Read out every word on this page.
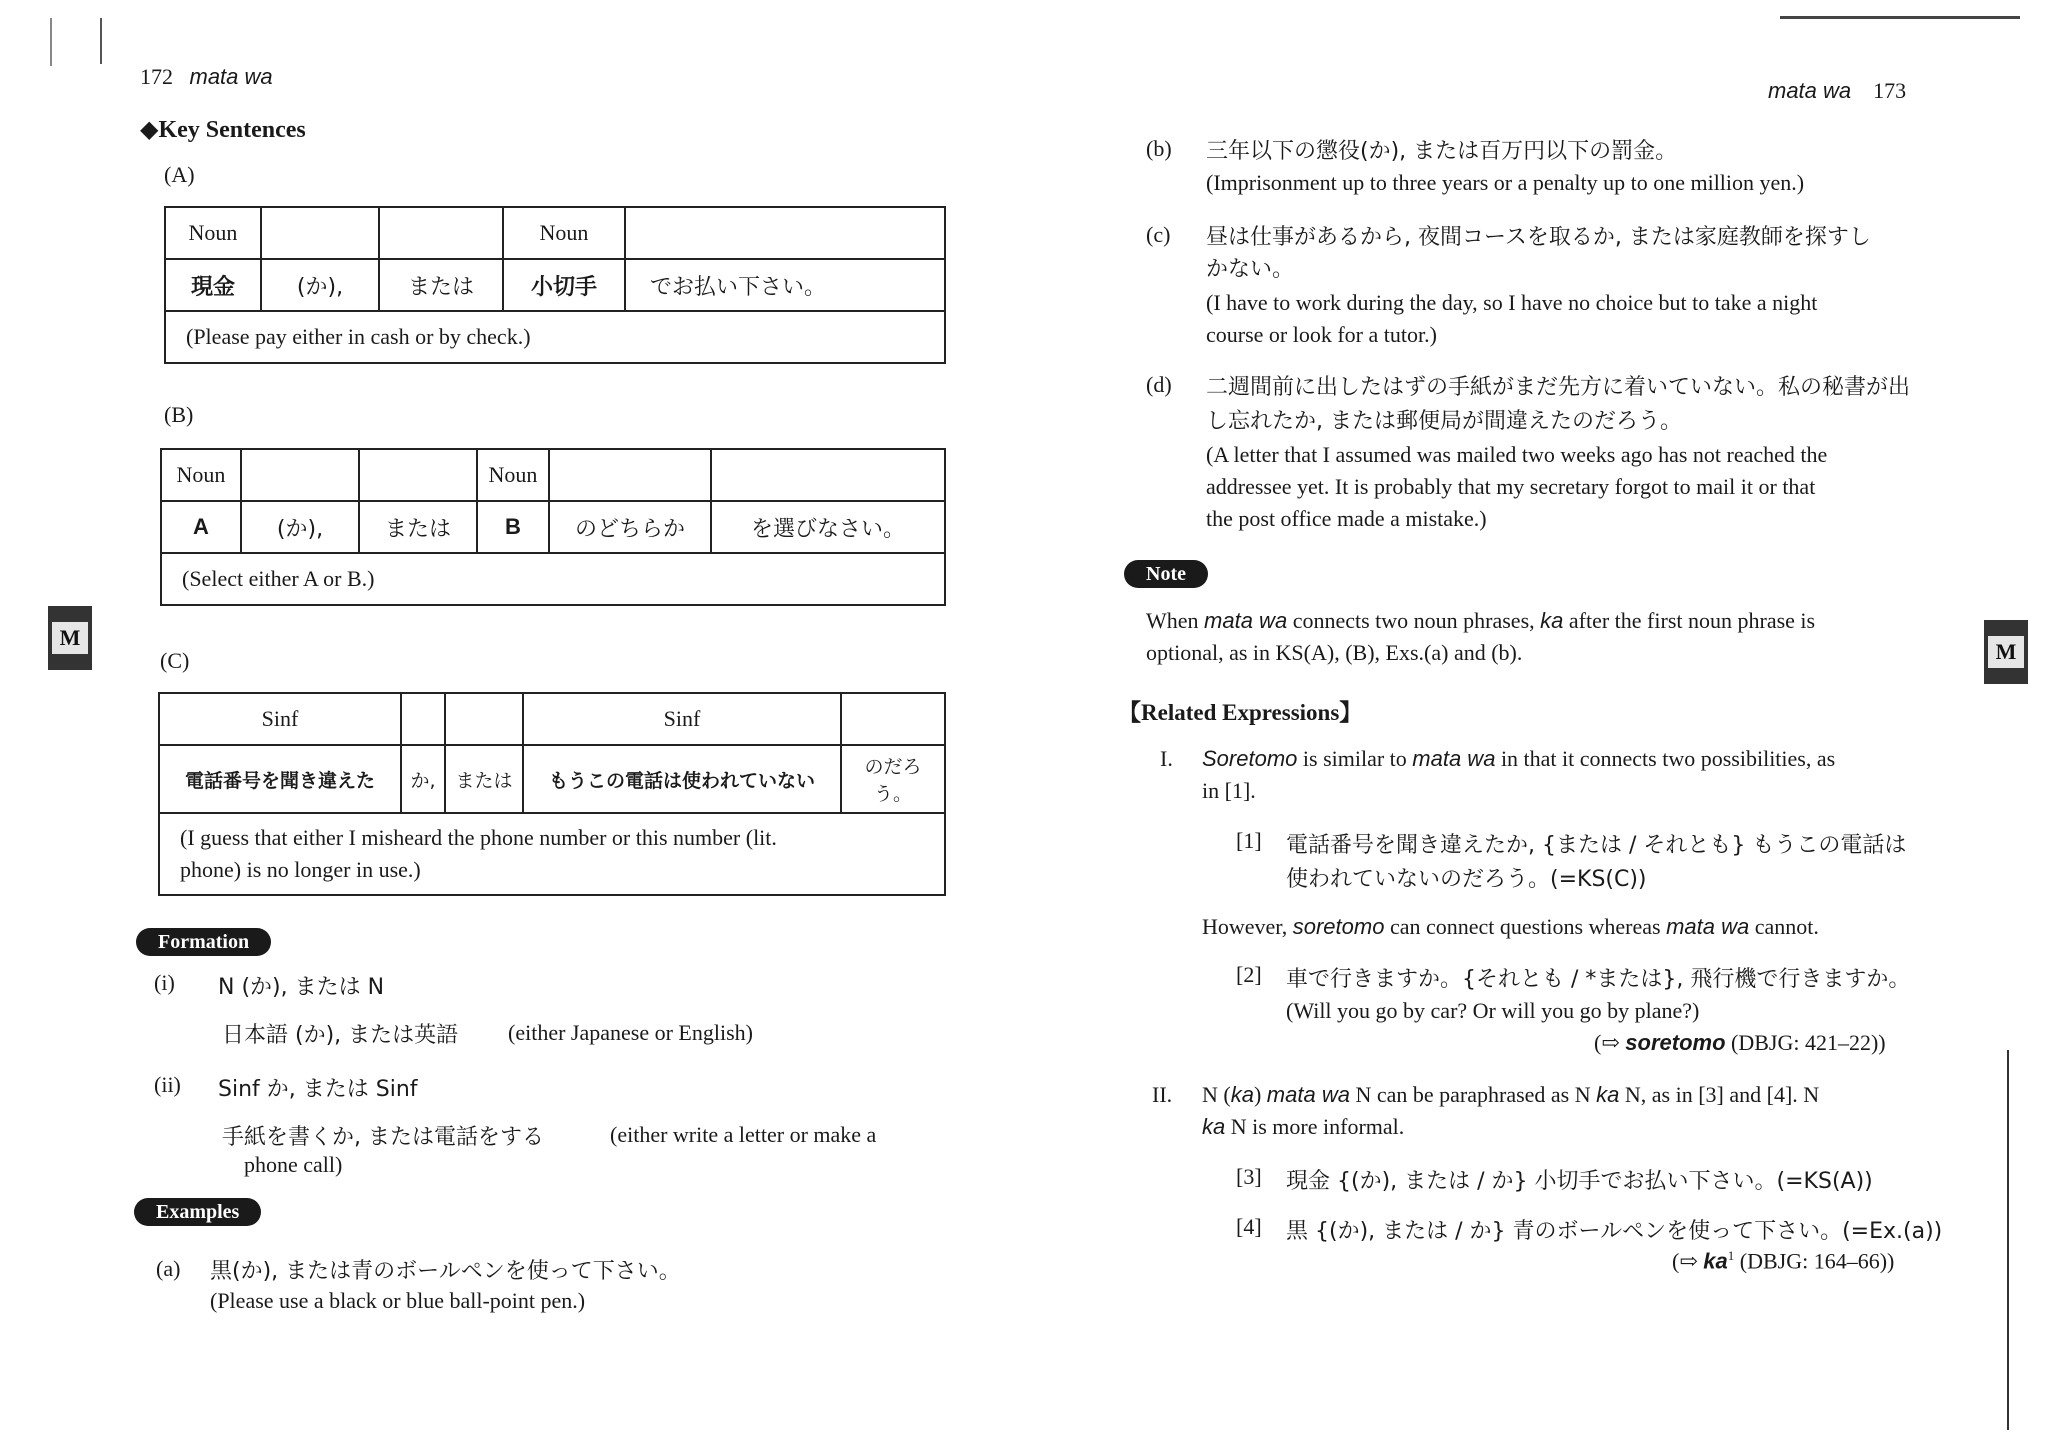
172 mata wa
◆Key Sentences
(A)
Noun			Noun	
現金	(か),	または	小切手	でお払い下さい。
(Please pay either in cash or by check.)				
(B)
Noun			Noun		
A	(か),	または	B	のどちらか	を選びなさい。
(Select either A or B.)					
(C)
Sinf			Sinf	
電話番号を聞き違えた	か,	または	もうこの電話は使われていない	のだろう。
(I guess that either I misheard the phone number or this number (lit.
phone) is no longer in use.)				
Formation
(i) N (か), または N
日本語 (か), または英語 (either Japanese or English)
(ii) Sinf か, または Sinf
手紙を書くか, または電話をする	(either write a letter or make a
phone call)
Examples
(a) 黒(か), または青のボールペンを使って下さい。
(Please use a black or blue ball-point pen.)
M
mata wa 173
(b) 三年以下の懲役(か), または百万円以下の罰金。
(Imprisonment up to three years or a penalty up to one million yen.)
(c) 昼は仕事があるから, 夜間コースを取るか, または家庭教師を探すし
かない。
(I have to work during the day, so I have no choice but to take a night
course or look for a tutor.)
(d) 二週間前に出したはずの手紙がまだ先方に着いていない。私の秘書が出
し忘れたか, または郵便局が間違えたのだろう。
(A letter that I assumed was mailed two weeks ago has not reached the
addressee yet. It is probably that my secretary forgot to mail it or that
the post office made a mistake.)
Note
When mata wa connects two noun phrases, ka after the first noun phrase is
optional, as in KS(A), (B), Exs.(a) and (b).
【Related Expressions】
I. Soretomo is similar to mata wa in that it connects two possibilities, as
in [1].
[1] 電話番号を聞き違えたか, {または / それとも} もうこの電話は
使われていないのだろう。(=KS(C))
However, soretomo can connect questions whereas mata wa cannot.
[2] 車で行きますか。{それとも / *または}, 飛行機で行きますか。
(Will you go by car? Or will you go by plane?)
(⇨ soretomo (DBJG: 421–22))
II. N (ka) mata wa N can be paraphrased as N ka N, as in [3] and [4]. N
ka N is more informal.
[3] 現金 {(か), または / か} 小切手でお払い下さい。(=KS(A))
[4] 黒 {(か), または / か} 青のボールペンを使って下さい。(=Ex.(a))
(⇨ $ka^1$ (DBJG: 164–66))
M
